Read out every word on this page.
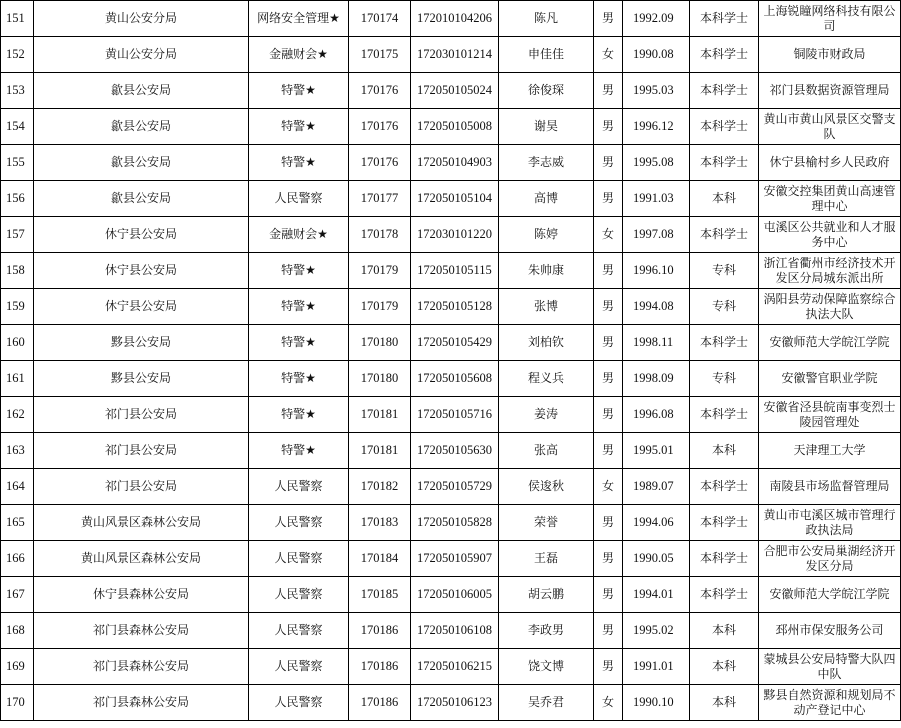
151	黄山公安分局	网络安全管理★	170174	172010104206	陈凡	男	1992.09	本科学士	上海锐瞳网络科技有限公司
152	黄山公安分局	金融财会★	170175	172030101214	申佳佳	女	1990.08	本科学士	铜陵市财政局
153	歙县公安局	特警★	170176	172050105024	徐俊琛	男	1995.03	本科学士	祁门县数据资源管理局
154	歙县公安局	特警★	170176	172050105008	谢昊	男	1996.12	本科学士	黄山市黄山风景区交警支队
155	歙县公安局	特警★	170176	172050104903	李志威	男	1995.08	本科学士	休宁县榆村乡人民政府
156	歙县公安局	人民警察	170177	172050105104	高博	男	1991.03	本科	安徽交控集团黄山高速管理中心
157	休宁县公安局	金融财会★	170178	172030101220	陈婷	女	1997.08	本科学士	屯溪区公共就业和人才服务中心
158	休宁县公安局	特警★	170179	172050105115	朱帅康	男	1996.10	专科	浙江省衢州市经济技术开发区分局城东派出所
159	休宁县公安局	特警★	170179	172050105128	张博	男	1994.08	专科	涡阳县劳动保障监察综合执法大队
160	黟县公安局	特警★	170180	172050105429	刘柏钦	男	1998.11	本科学士	安徽师范大学皖江学院
161	黟县公安局	特警★	170180	172050105608	程义兵	男	1998.09	专科	安徽警官职业学院
162	祁门县公安局	特警★	170181	172050105716	姜涛	男	1996.08	本科学士	安徽省泾县皖南事变烈士陵园管理处
163	祁门县公安局	特警★	170181	172050105630	张高	男	1995.01	本科	天津理工大学
164	祁门县公安局	人民警察	170182	172050105729	侯逡秋	女	1989.07	本科学士	南陵县市场监督管理局
165	黄山风景区森林公安局	人民警察	170183	172050105828	荣誉	男	1994.06	本科学士	黄山市屯溪区城市管理行政执法局
166	黄山风景区森林公安局	人民警察	170184	172050105907	王磊	男	1990.05	本科学士	合肥市公安局巢湖经济开发区分局
167	休宁县森林公安局	人民警察	170185	172050106005	胡云鹏	男	1994.01	本科学士	安徽师范大学皖江学院
168	祁门县森林公安局	人民警察	170186	172050106108	李政男	男	1995.02	本科	邳州市保安服务公司
169	祁门县森林公安局	人民警察	170186	172050106215	饶文博	男	1991.01	本科	蒙城县公安局特警大队四中队
170	祁门县森林公安局	人民警察	170186	172050106123	吴乔君	女	1990.10	本科	黟县自然资源和规划局不动产登记中心
